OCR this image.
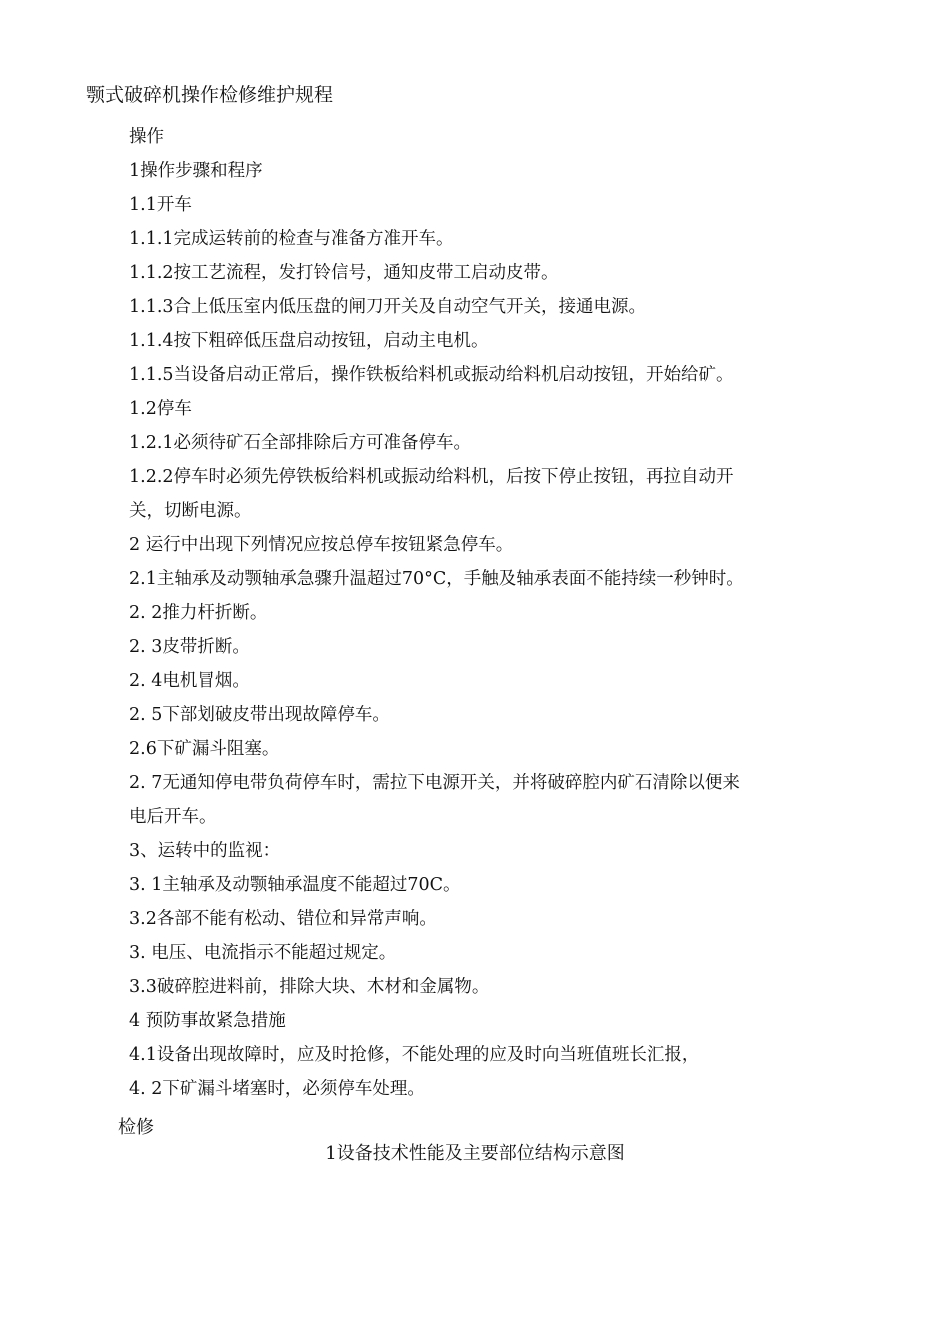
颚式破碎机操作检修维护规程

操作

1操作步骤和程序

1.1开车

1.1.1完成运转前的检查与准备方准开车。

1.1.2按工艺流程，发打铃信号，通知皮带工启动皮带。

1.1.3合上低压室内低压盘的闸刀开关及自动空气开关，接通电源。

1.1.4按下粗碎低压盘启动按钮，启动主电机。

1.1.5当设备启动正常后，操作铁板给料机或振动给料机启动按钮，开始给矿。

1.2停车

1.2.1必须待矿石全部排除后方可准备停车。

1.2.2停车时必须先停铁板给料机或振动给料机，后按下停止按钮，再拉自动开

关，切断电源。

2 运行中出现下列情况应按总停车按钮紧急停车。

2.1主轴承及动颚轴承急骤升温超过70°C，手触及轴承表面不能持续一秒钟时。

2. 2推力杆折断。

2. 3皮带折断。

2. 4电机冒烟。

2. 5下部划破皮带出现故障停车。

2.6下矿漏斗阻塞。

2. 7无通知停电带负荷停车时，需拉下电源开关，并将破碎腔内矿石清除以便来

电后开车。

3、运转中的监视：

3. 1主轴承及动颚轴承温度不能超过70C。

3.2各部不能有松动、错位和异常声响。

3. 电压、电流指示不能超过规定。

3.3破碎腔进料前，排除大块、木材和金属物。

4 预防事故紧急措施

4.1设备出现故障时，应及时抢修，不能处理的应及时向当班值班长汇报，

4. 2下矿漏斗堵塞时，必须停车处理。

检修
1设备技术性能及主要部位结构示意图
